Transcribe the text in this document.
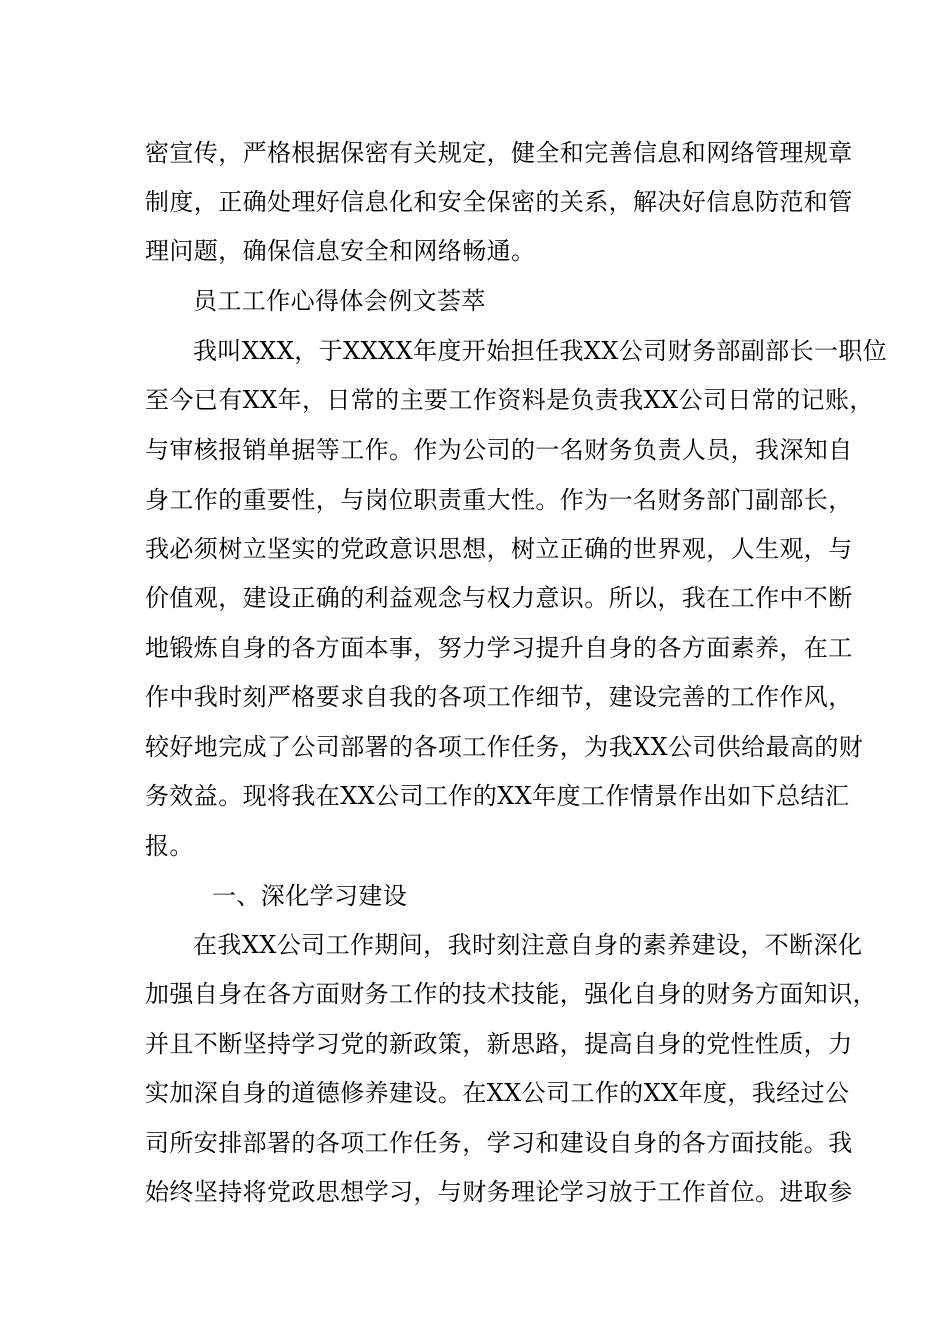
密宣传，严格根据保密有关规定，健全和完善信息和网络管理规章
制度，正确处理好信息化和安全保密的关系，解决好信息防范和管
理问题，确保信息安全和网络畅通。
员工工作心得体会例文荟萃
我叫XXX，于XXXX年度开始担任我XX公司财务部副部长一职位
至今已有XX年，日常的主要工作资料是负责我XX公司日常的记账，
与审核报销单据等工作。作为公司的一名财务负责人员，我深知自
身工作的重要性，与岗位职责重大性。作为一名财务部门副部长，
我必须树立坚实的党政意识思想，树立正确的世界观，人生观，与
价值观，建设正确的利益观念与权力意识。所以，我在工作中不断
地锻炼自身的各方面本事，努力学习提升自身的各方面素养，在工
作中我时刻严格要求自我的各项工作细节，建设完善的工作作风，
较好地完成了公司部署的各项工作任务，为我XX公司供给最高的财
务效益。现将我在XX公司工作的XX年度工作情景作出如下总结汇
报。
一、深化学习建设
在我XX公司工作期间，我时刻注意自身的素养建设，不断深化
加强自身在各方面财务工作的技术技能，强化自身的财务方面知识，
并且不断坚持学习党的新政策，新思路，提高自身的党性性质，力
实加深自身的道德修养建设。在XX公司工作的XX年度，我经过公
司所安排部署的各项工作任务，学习和建设自身的各方面技能。我
始终坚持将党政思想学习，与财务理论学习放于工作首位。进取参
